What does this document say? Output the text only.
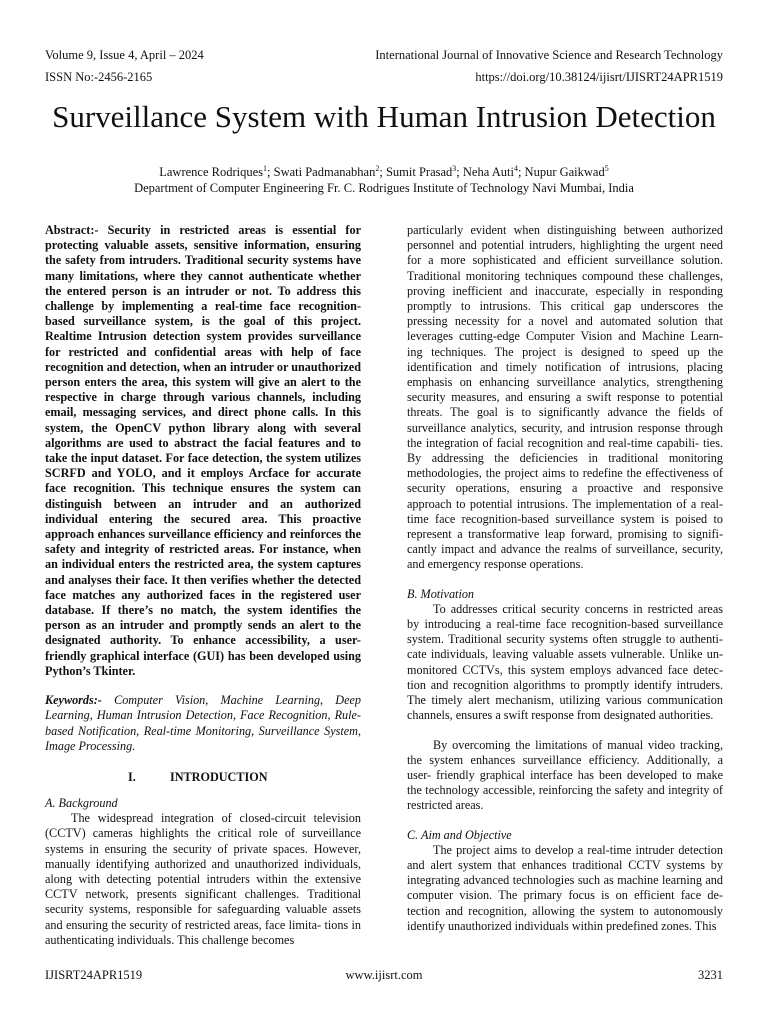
Volume 9, Issue 4, April – 2024
ISSN No:-2456-2165
International Journal of Innovative Science and Research Technology
https://doi.org/10.38124/ijisrt/IJISRT24APR1519
Surveillance System with Human Intrusion Detection
Lawrence Rodriques$^1$; Swati Padmanabhan$^2$; Sumit Prasad$^3$; Neha Auti$^4$; Nupur Gaikwad$^5$
Department of Computer Engineering Fr. C. Rodrigues Institute of Technology Navi Mumbai, India

Abstract:- Security in restricted areas is essential for protecting valuable assets, sensitive information, ensuring the safety from intruders. Traditional security systems have many limitations, where they cannot authenticate whether the entered person is an intruder or not. To address this challenge by implementing a real-time face recognition-based surveillance system, is the goal of this project. Realtime Intrusion detection system provides surveillance for restricted and confidential areas with help of face recognition and detection, when an intruder or unauthorized person enters the area, this system will give an alert to the respective in charge through various channels, including email, messaging services, and direct phone calls. In this system, the OpenCV python library along with several algorithms are used to abstract the facial features and to take the input dataset. For face detection, the system utilizes SCRFD and YOLO, and it employs Arcface for accurate face recognition. This technique ensures the system can distinguish between an intruder and an authorized individual entering the secured area. This proactive approach enhances surveillance efficiency and reinforces the safety and integrity of restricted areas. For instance, when an individual enters the restricted area, the system captures and analyses their face. It then verifies whether the detected face matches any authorized faces in the registered user database. If there’s no match, the system identifies the person as an intruder and promptly sends an alert to the designated authority. To enhance accessibility, a user-friendly graphical interface (GUI) has been developed using Python’s Tkinter.

Keywords:- Computer Vision, Machine Learning, Deep Learning, Human Intrusion Detection, Face Recognition, Rule-based Notification, Real-time Monitoring, Surveillance System, Image Processing.

I.	INTRODUCTION

A. Background

The widespread integration of closed-circuit television (CCTV) cameras highlights the critical role of surveillance systems in ensuring the security of private spaces. However, manually identifying authorized and unauthorized individuals, along with detecting potential intruders within the extensive CCTV network, presents significant challenges. Traditional security systems, responsible for safeguarding valuable assets and ensuring the security of restricted areas, face limita- tions in authenticating individuals. This challenge becomes

particularly evident when distinguishing between authorized personnel and potential intruders, highlighting the urgent need for a more sophisticated and efficient surveillance solution. Traditional monitoring techniques compound these challenges, proving inefficient and inaccurate, especially in responding promptly to intrusions. This critical gap underscores the pressing necessity for a novel and automated solution that leverages cutting-edge Computer Vision and Machine Learn- ing techniques. The project is designed to speed up the identification and timely notification of intrusions, placing emphasis on enhancing surveillance analytics, strengthening security measures, and ensuring a swift response to potential threats. The goal is to significantly advance the fields of surveillance analytics, security, and intrusion response through the integration of facial recognition and real-time capabili- ties. By addressing the deficiencies in traditional monitoring methodologies, the project aims to redefine the effectiveness of security operations, ensuring a proactive and responsive approach to potential intrusions. The implementation of a real- time face recognition-based surveillance system is poised to represent a transformative leap forward, promising to signifi- cantly impact and advance the realms of surveillance, security, and emergency response operations.

B. Motivation

To addresses critical security concerns in restricted areas by introducing a real-time face recognition-based surveillance system. Traditional security systems often struggle to authenti-cate individuals, leaving valuable assets vulnerable. Unlike un-monitored CCTVs, this system employs advanced face detec- tion and recognition algorithms to promptly identify intruders. The timely alert mechanism, utilizing various communication channels, ensures a swift response from designated authorities.

By overcoming the limitations of manual video tracking, the system enhances surveillance efficiency. Additionally, a user- friendly graphical interface has been developed to make the technology accessible, reinforcing the safety and integrity of restricted areas.

C. Aim and Objective

The project aims to develop a real-time intruder detection and alert system that enhances traditional CCTV systems by integrating advanced technologies such as machine learning and computer vision. The primary focus is on efficient face de- tection and recognition, allowing the system to autonomously identify unauthorized individuals within predefined zones. This

IJISRT24APR1519	www.ijisrt.com	3231
